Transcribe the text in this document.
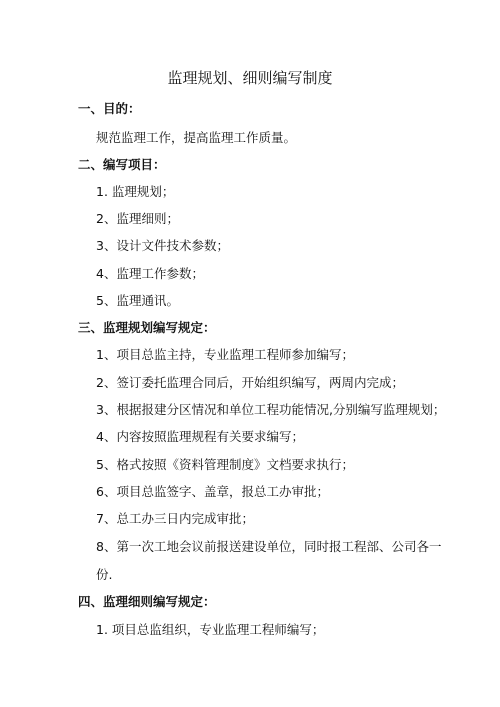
监理规划、细则编写制度
一、目的：
规范监理工作，提高监理工作质量。
二、编写项目：
1. 监理规划；
2、监理细则；
3、设计文件技术参数；
4、监理工作参数；
5、监理通讯。
三、监理规划编写规定：
1、项目总监主持，专业监理工程师参加编写；
2、签订委托监理合同后，开始组织编写，两周内完成；
3、根据报建分区情况和单位工程功能情况,分别编写监理规划；
4、内容按照监理规程有关要求编写；
5、格式按照《资料管理制度》文档要求执行；
6、项目总监签字、盖章，报总工办审批；
7、总工办三日内完成审批；
8、第一次工地会议前报送建设单位，同时报工程部、公司各一
份.
四、监理细则编写规定：
1. 项目总监组织，专业监理工程师编写；
